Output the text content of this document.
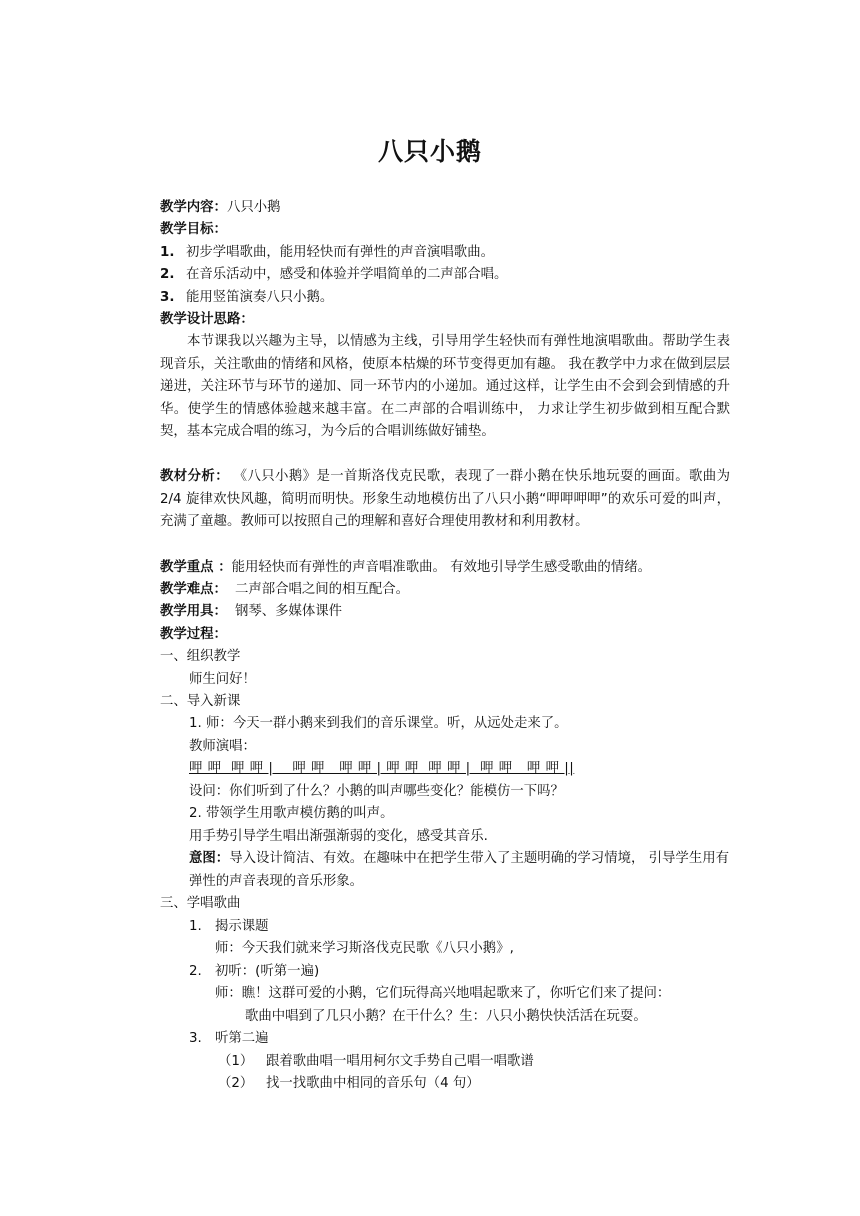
八只小鹅
教学内容：八只小鹅
教学目标：
1. 初步学唱歌曲，能用轻快而有弹性的声音演唱歌曲。
2. 在音乐活动中，感受和体验并学唱简单的二声部合唱。
3. 能用竖笛演奏八只小鹅。
教学设计思路：
本节课我以兴趣为主导，以情感为主线，引导用学生轻快而有弹性地演唱歌曲。帮助学生表现音乐，关注歌曲的情绪和风格，使原本枯燥的环节变得更加有趣。 我在教学中力求在做到层层递进，关注环节与环节的递加、同一环节内的小递加。通过这样，让学生由不会到会到情感的升华。使学生的情感体验越来越丰富。在二声部的合唱训练中， 力求让学生初步做到相互配合默契，基本完成合唱的练习，为今后的合唱训练做好铺垫。
教材分析： 《八只小鹅》是一首斯洛伐克民歌，表现了一群小鹅在快乐地玩耍的画面。歌曲为 2/4 旋律欢快风趣，简明而明快。形象生动地模仿出了八只小鹅“呷呷呷呷”的欢乐可爱的叫声，充满了童趣。教师可以按照自己的理解和喜好合理使用教材和利用教材。
教学重点 ：能用轻快而有弹性的声音唱准歌曲。 有效地引导学生感受歌曲的情绪。
教学难点： 二声部合唱之间的相互配合。
教学用具： 钢琴、多媒体课件
教学过程：
一、组织教学
师生问好！
二、导入新课
1. 师：今天一群小鹅来到我们的音乐课堂。听，从远处走来了。
教师演唱：
呷 呷  呷 呷 |    呷 呷   呷 呷 | 呷 呷  呷 呷 |  呷 呷   呷 呷 ||
设问：你们听到了什么？小鹅的叫声哪些变化？能模仿一下吗？
2. 带领学生用歌声模仿鹅的叫声。
用手势引导学生唱出渐强渐弱的变化，感受其音乐.
意图：导入设计简洁、有效。在趣味中在把学生带入了主题明确的学习情境， 引导学生用有弹性的声音表现的音乐形象。
三、学唱歌曲
1. 揭示课题
师：今天我们就来学习斯洛伐克民歌《八只小鹅》,
2. 初听：(听第一遍)
师：瞧！这群可爱的小鹅，它们玩得高兴地唱起歌来了，你听它们来了提问：
歌曲中唱到了几只小鹅？在干什么？生：八只小鹅快快活活在玩耍。
3. 听第二遍
（1） 跟着歌曲唱一唱用柯尔文手势自己唱一唱歌谱
（2） 找一找歌曲中相同的音乐句（4 句）
